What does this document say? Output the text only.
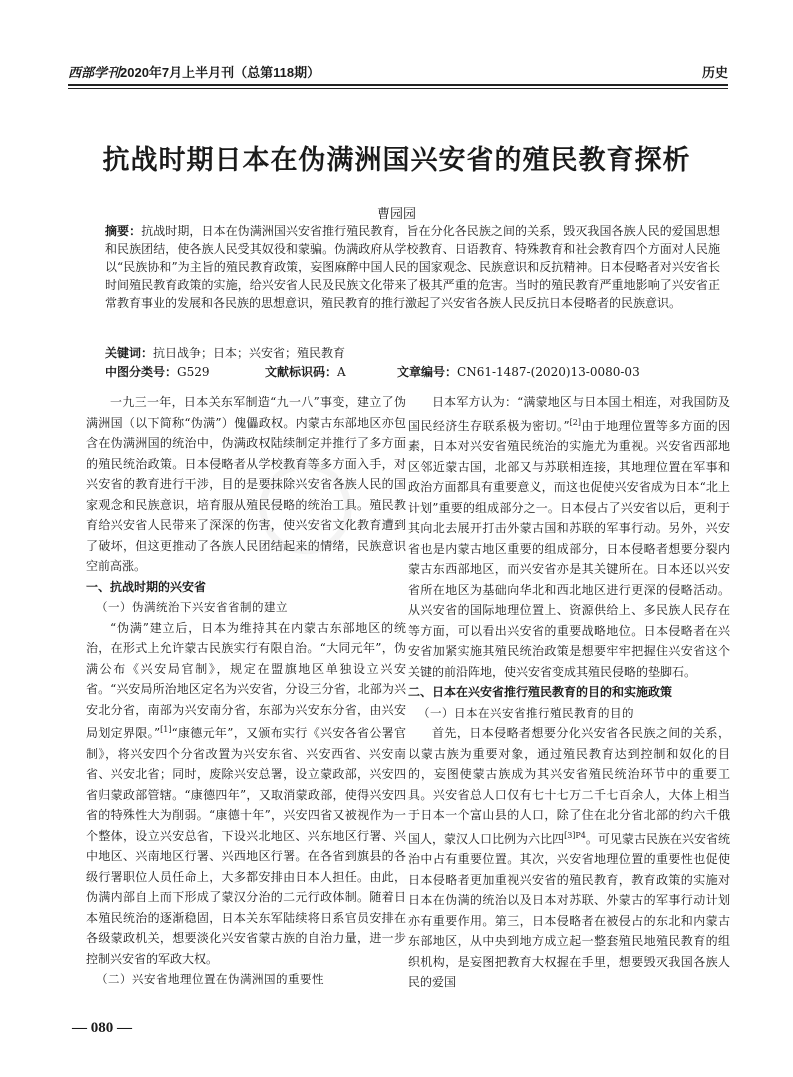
西部学刊2020年7月上半月刊（总第118期）	历史
抗战时期日本在伪满洲国兴安省的殖民教育探析
曹园园
摘要：抗战时期，日本在伪满洲国兴安省推行殖民教育，旨在分化各民族之间的关系，毁灭我国各族人民的爱国思想和民族团结，使各族人民受其奴役和蒙骗。伪满政府从学校教育、日语教育、特殊教育和社会教育四个方面对人民施以“民族协和”为主旨的殖民教育政策，妄图麻醉中国人民的国家观念、民族意识和反抗精神。日本侵略者对兴安省长时间殖民教育政策的实施，给兴安省人民及民族文化带来了极其严重的危害。当时的殖民教育严重地影响了兴安省正常教育事业的发展和各民族的思想意识，殖民教育的推行激起了兴安省各族人民反抗日本侵略者的民族意识。
关键词：抗日战争；日本；兴安省；殖民教育
中图分类号：G529	文献标识码：A	文章编号：CN61-1487-(2020)13-0080-03

一九三一年，日本关东军制造“九一八”事变，建立了伪满洲国（以下简称“伪满”）傀儡政权。内蒙古东部地区亦包含在伪满洲国的统治中，伪满政权陆续制定并推行了多方面的殖民统治政策。日本侵略者从学校教育等多方面入手，对兴安省的教育进行干涉，目的是要抹除兴安省各族人民的国家观念和民族意识，培育服从殖民侵略的统治工具。殖民教育给兴安省人民带来了深深的伤害，使兴安省文化教育遭到了破坏，但这更推动了各族人民团结起来的情绪，民族意识空前高涨。

一、抗战时期的兴安省
（一）伪满统治下兴安省省制的建立

“伪满”建立后，日本为维持其在内蒙古东部地区的统治，在形式上允许蒙古民族实行有限自治。“大同元年”，伪满公布《兴安局官制》，规定在盟旗地区单独设立兴安省。“兴安局所治地区定名为兴安省，分设三分省，北部为兴安北分省，南部为兴安南分省，东部为兴安东分省，由兴安局划定界限。”[1]“康德元年”，又颁布实行《兴安各省公署官制》，将兴安四个分省改置为兴安东省、兴安西省、兴安南省、兴安北省；同时，废除兴安总署，设立蒙政部，兴安四省归蒙政部管辖。“康德四年”，又取消蒙政部，使得兴安四省的特殊性大为削弱。“康德十年”，兴安四省又被视作为一个整体，设立兴安总省，下设兴北地区、兴东地区行署、兴中地区、兴南地区行署、兴西地区行署。在各省到旗县的各级行署职位人员任命上，大多都安排由日本人担任。由此，伪满内部自上而下形成了蒙汉分治的二元行政体制。随着日本殖民统治的逐渐稳固，日本关东军陆续将日系官员安排在各级蒙政机关，想要淡化兴安省蒙古族的自治力量，进一步控制兴安省的军政大权。

（二）兴安省地理位置在伪满洲国的重要性

日本军方认为：“满蒙地区与日本国土相连，对我国防及国民经济生存联系极为密切。”[2]由于地理位置等多方面的因素，日本对兴安省殖民统治的实施尤为重视。兴安省西部地区邻近蒙古国，北部又与苏联相连接，其地理位置在军事和政治方面都具有重要意义，而这也促使兴安省成为日本“北上计划”重要的组成部分之一。日本侵占了兴安省以后，更利于其向北去展开打击外蒙古国和苏联的军事行动。另外，兴安省也是内蒙古地区重要的组成部分，日本侵略者想要分裂内蒙古东西部地区，而兴安省亦是其关键所在。日本还以兴安省所在地区为基础向华北和西北地区进行更深的侵略活动。从兴安省的国际地理位置上、资源供给上、多民族人民存在等方面，可以看出兴安省的重要战略地位。日本侵略者在兴安省加紧实施其殖民统治政策是想要牢牢把握住兴安省这个关键的前沿阵地，使兴安省变成其殖民侵略的垫脚石。

二、日本在兴安省推行殖民教育的目的和实施政策
（一）日本在兴安省推行殖民教育的目的

首先，日本侵略者想要分化兴安省各民族之间的关系，以蒙古族为重要对象，通过殖民教育达到控制和奴化的目的，妄图使蒙古族成为其兴安省殖民统治环节中的重要工具。兴安省总人口仅有七十七万二千七百余人，大体上相当于日本一个富山县的人口，除了住在北分省北部的约六千俄国人，蒙汉人口比例为六比四$^{[3]P4}$。可见蒙古民族在兴安省统治中占有重要位置。其次，兴安省地理位置的重要性也促使日本侵略者更加重视兴安省的殖民教育，教育政策的实施对日本在伪满的统治以及日本对苏联、外蒙古的军事行动计划亦有重要作用。第三，日本侵略者在被侵占的东北和内蒙古东部地区，从中央到地方成立起一整套殖民地殖民教育的组织机构，是妄图把教育大权握在手里，想要毁灭我国各族人民的爱国

— 080 —
